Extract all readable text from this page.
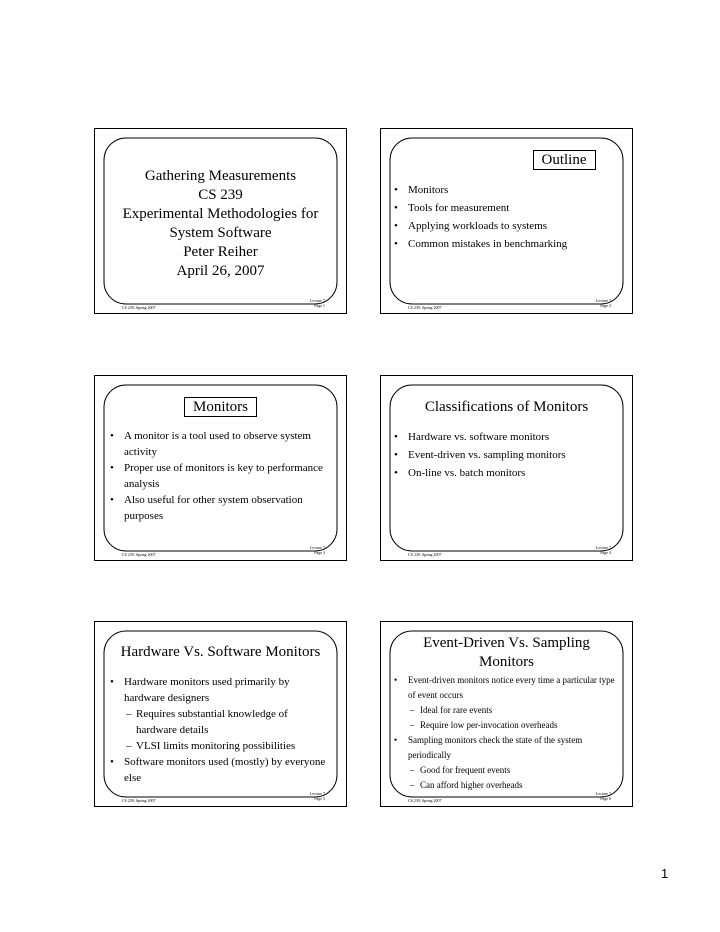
Gathering Measurements
CS 239
Experimental Methodologies for
System Software
Peter Reiher
April 26, 2007
CS 239, Spring 2007
Lecture 7
Page 1
Outline
• Monitors
• Tools for measurement
• Applying workloads to systems
• Common mistakes in benchmarking
CS 239, Spring 2007
Lecture 7
Page 2
Monitors
• A monitor is a tool used to observe system activity
• Proper use of monitors is key to performance analysis
• Also useful for other system observation purposes
CS 239, Spring 2007
Lecture 7
Page 3
Classifications of Monitors
• Hardware vs. software monitors
• Event-driven vs. sampling monitors
• On-line vs. batch monitors
CS 239, Spring 2007
Lecture 7
Page 4
Hardware Vs. Software Monitors
• Hardware monitors used primarily by hardware designers
– Requires substantial knowledge of hardware details
– VLSI limits monitoring possibilities
• Software monitors used (mostly) by everyone else
CS 239, Spring 2007
Lecture 7
Page 5
Event-Driven Vs. Sampling
Monitors
• Event-driven monitors notice every time a particular type of event occurs
– Ideal for rare events
– Require low per-invocation overheads
• Sampling monitors check the state of the system periodically
– Good for frequent events
– Can afford higher overheads
CS 239, Spring 2007
Lecture 7
Page 6
1
